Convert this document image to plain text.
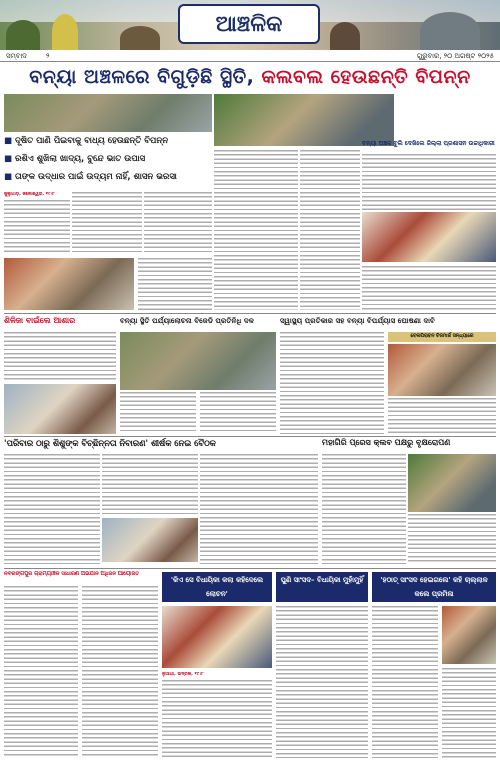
ଆଞ୍ଚଳିକ
ସମ୍ବାଦ	୨	ଗୁରୁବାର, ୨୦ ଅଗଷ୍ଟ ୨୦୨୫
ବନ୍ୟା ଅଞ୍ଚଳରେ ବିଗୁଡ଼ିଛି ସ୍ଥିତି, କଲବଲ ହେଉଛନ୍ତି ବିପନ୍ନ
■ ଦୂଷିତ ପାଣି ପିଇବାକୁ ବାଧ୍ୟ ହେଉଛନ୍ତି ବିପନ୍ନ
■ ରଶିଏ ଶୁଖିଲା ଖାଦ୍ୟ, ବୁନ୍ଦେ ଭାତ ଉପାସ
■ ତାଙ୍କ ଉଦ୍ଧାର ପାଇଁ ଉଦ୍ୟମ ନାହିଁ, ଶାସନ ଭରସା
ଜୁଲୁଗାଡ଼, ଜଲେଶ୍ୱର, ୧୯।୮
ବନ୍ୟା ଅଞ୍ଚଳ ବୁଲି ଦେଖିଲେ ଜିଲ୍ଲା ପ୍ରଶାସନ ଉଚ୍ଚାଧିକାରୀ
ଶିଳିଜା ବାଇଁଲେ ଆଶାର	ବନ୍ୟା ସ୍ଥିତି ପର୍ଯ୍ୟାଲୋଚନା ବିଜେଡି ପ୍ରତିନିଧି ଦଳ	ସ୍ୱାସ୍ଥ୍ୟ ପ୍ରତିକାର ସହ ବନ୍ୟା ବିପର୍ଯ୍ୟାସ ଘୋଷଣା ଦାବି
ବେଲପିରାବନ ଚିଜମାର୍କ ସନ୍ଧ୍ୟାରେ
'ପରିବାର ଠାରୁ ଶିଶୁଙ୍କ ବିଚ୍ଛିନ୍ନତା ନିବାରଣ' ଶୀର୍ଷକ ନେଇ ବୈଠକ	ମହାଗିରି ପ୍ରେସ କ୍ଲବ ପକ୍ଷରୁ ବୃକ୍ଷରୋପଣ
ନବରଙ୍ଗପୁର ଗ୍ରାମ୍ୟାଞ୍ଚଳ ସାଧାରଣ ଅଭିଯାନ ଅଧିଜନ ଆୟୋଜିତ
'କିଏ ସେ ବିଧାୟିକା କଲା କହିଦେଲେ ଲୋଚନ'
ନୁଆଗାଁ, ଭଦ୍ରକ, ୧୯।୮
ପୁଣି ସାଂସଦ– ବିଧାୟିକା ମୁହାଁମୁହିଁ	'ହଠାତ୍ ସାଂସଦ ହେଇଗଲେ' କହି ଚାଲ୍ଲାଳ କଲେ ପ୍ରମିଳା
